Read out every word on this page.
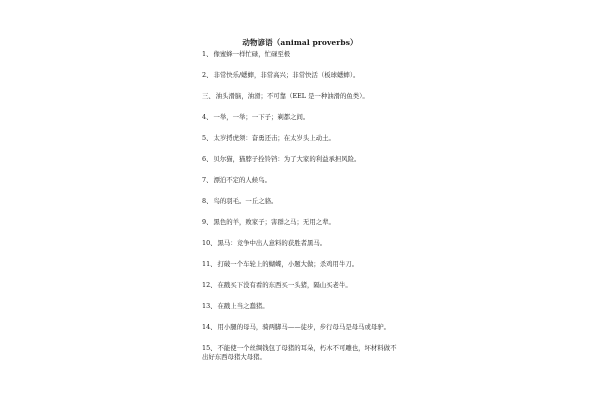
动物谚语（animal proverbs）
1、像蜜蜂一样忙碌，忙碌至极
2、非常快乐/蟋蟀，非常高兴；非常快活（板球蟋蟀）。
三、油头滑脑，油滑；不可靠（EEL 是一种油滑的鱼类）。
4、一举，一举；一下子；剃都之间。
5、太岁捋虎须：奋勇还击；在太岁头上动土。
6、贝尔猫，猫脖子拴铃铛：为了大家的利益承担风险。
7、漂泊不定的人候鸟。
8、鸟的羽毛。一丘之貉。
9、黑色的羊，败家子；害群之马；无用之辈。
10、黑马：竞争中出人意料的获胜者黑马。
11、打破一个车轮上的蝴蝶，小题大做；杀鸡用牛刀。
12、在戳买下没有看的东西买一头猪，隔山买老牛。
13、在戳上当之蠢猪。
14、用小腿的母马，骑两脚马——徒步，步行母马是母马或母驴。
15、不能使一个丝绸钱包了母猪的耳朵，朽木不可雕也，坏材料做不出好东西母猪大母猪。
